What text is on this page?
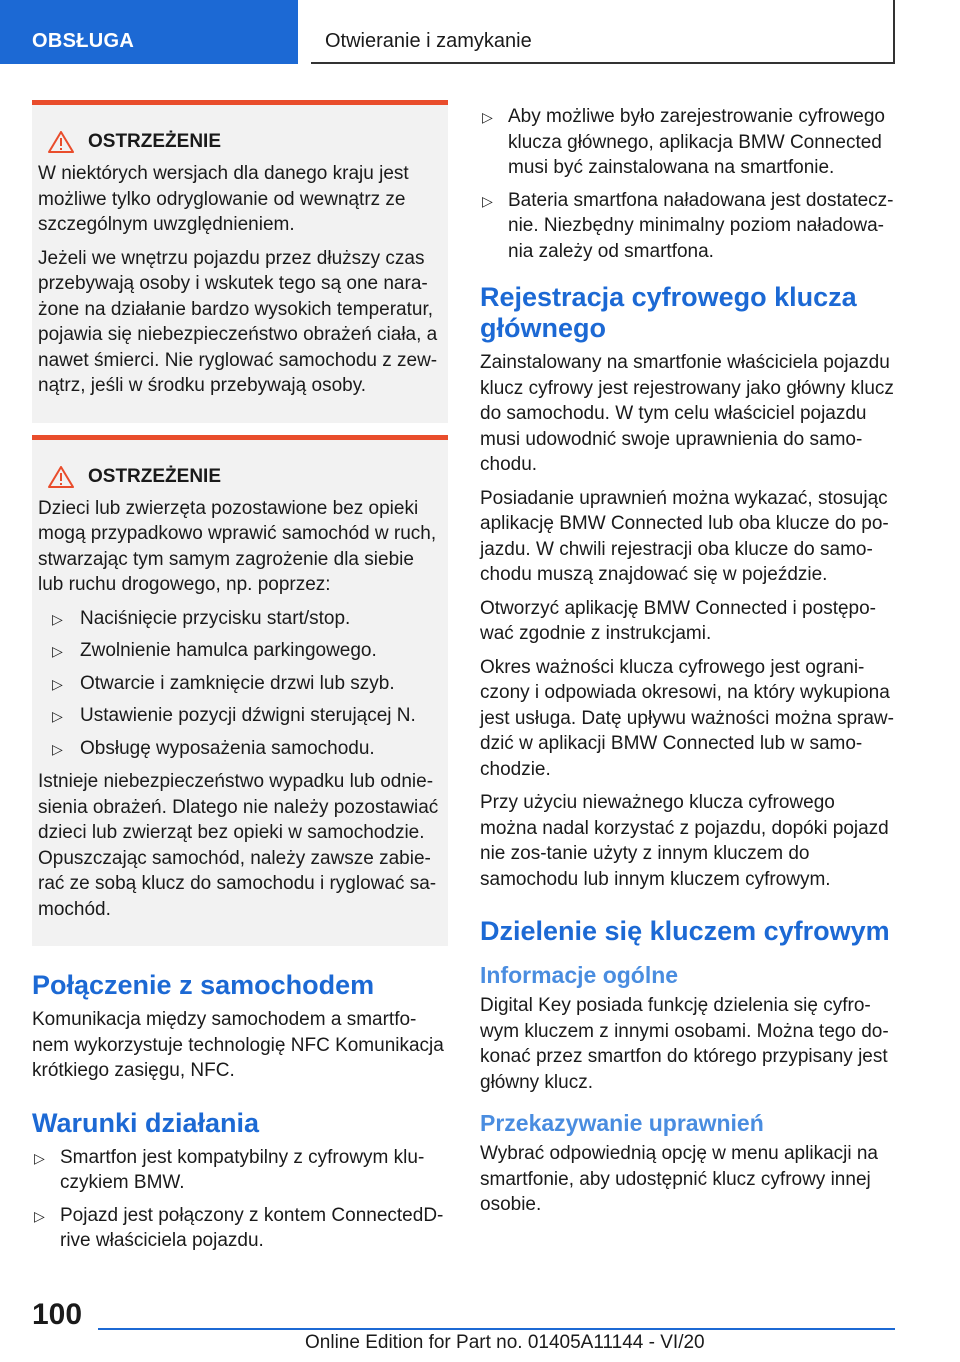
OBSŁUGA	Otwieranie i zamykanie
OSTRZEŻENIE

W niektórych wersjach dla danego kraju jest możliwe tylko odryglowanie od wewnątrz ze szczególnym uwzględnieniem.

Jeżeli we wnętrzu pojazdu przez dłuższy czas przebywają osoby i wskutek tego są one nara-żone na działanie bardzo wysokich temperatur, pojawia się niebezpieczeństwo obrażeń ciała, a nawet śmierci. Nie ryglować samochodu z zew-nątrz, jeśli w środku przebywają osoby.

OSTRZEŻENIE

Dzieci lub zwierzęta pozostawione bez opieki mogą przypadkowo wprawić samochód w ruch, stwarzając tym samym zagrożenie dla siebie lub ruchu drogowego, np. poprzez:

▷ Naciśnięcie przycisku start/stop.
▷ Zwolnienie hamulca parkingowego.
▷ Otwarcie i zamknięcie drzwi lub szyb.
▷ Ustawienie pozycji dźwigni sterującej N.
▷ Obsługę wyposażenia samochodu.

Istnieje niebezpieczeństwo wypadku lub odnie-sienia obrażeń. Dlatego nie należy pozostawiać dzieci lub zwierząt bez opieki w samochodzie. Opuszczając samochód, należy zawsze zabie-rać ze sobą klucz do samochodu i ryglować sa-mochód.

Połączenie z samochodem

Komunikacja między samochodem a smartfo-nem wykorzystuje technologię NFC Komunikacja krótkiego zasięgu, NFC.

Warunki działania
▷ Smartfon jest kompatybilny z cyfrowym klu-czykiem BMW.
▷ Pojazd jest połączony z kontem ConnectedD-rive właściciela pojazdu.
▷ Aby możliwe było zarejestrowanie cyfrowego klucza głównego, aplikacja BMW Connected musi być zainstalowana na smartfonie.
▷ Bateria smartfona naładowana jest dostatecz-nie. Niezbędny minimalny poziom naładowa-nia zależy od smartfona.
Rejestracja cyfrowego klucza głównego

Zainstalowany na smartfonie właściciela pojazdu klucz cyfrowy jest rejestrowany jako główny klucz do samochodu. W tym celu właściciel pojazdu musi udowodnić swoje uprawnienia do samo-chodu.

Posiadanie uprawnień można wykazać, stosując aplikację BMW Connected lub oba klucze do po-jazdu. W chwili rejestracji oba klucze do samo-chodu muszą znajdować się w pojeździe.

Otworzyć aplikację BMW Connected i postępo-wać zgodnie z instrukcjami.

Okres ważności klucza cyfrowego jest ograni-czony i odpowiada okresowi, na który wykupiona jest usługa. Datę upływu ważności można spraw-dzić w aplikacji BMW Connected lub w samo-chodzie.

Przy użyciu nieważnego klucza cyfrowego można nadal korzystać z pojazdu, dopóki pojazd nie zos-tanie użyty z innym kluczem do samochodu lub innym kluczem cyfrowym.

Dzielenie się kluczem cyfrowym
Informacje ogólne

Digital Key posiada funkcję dzielenia się cyfro-wym kluczem z innymi osobami. Można tego do-konać przez smartfon do którego przypisany jest główny klucz.

Przekazywanie uprawnień

Wybrać odpowiednią opcję w menu aplikacji na smartfonie, aby udostępnić klucz cyfrowy innej osobie.

100
Online Edition for Part no. 01405A11144 - VI/20
